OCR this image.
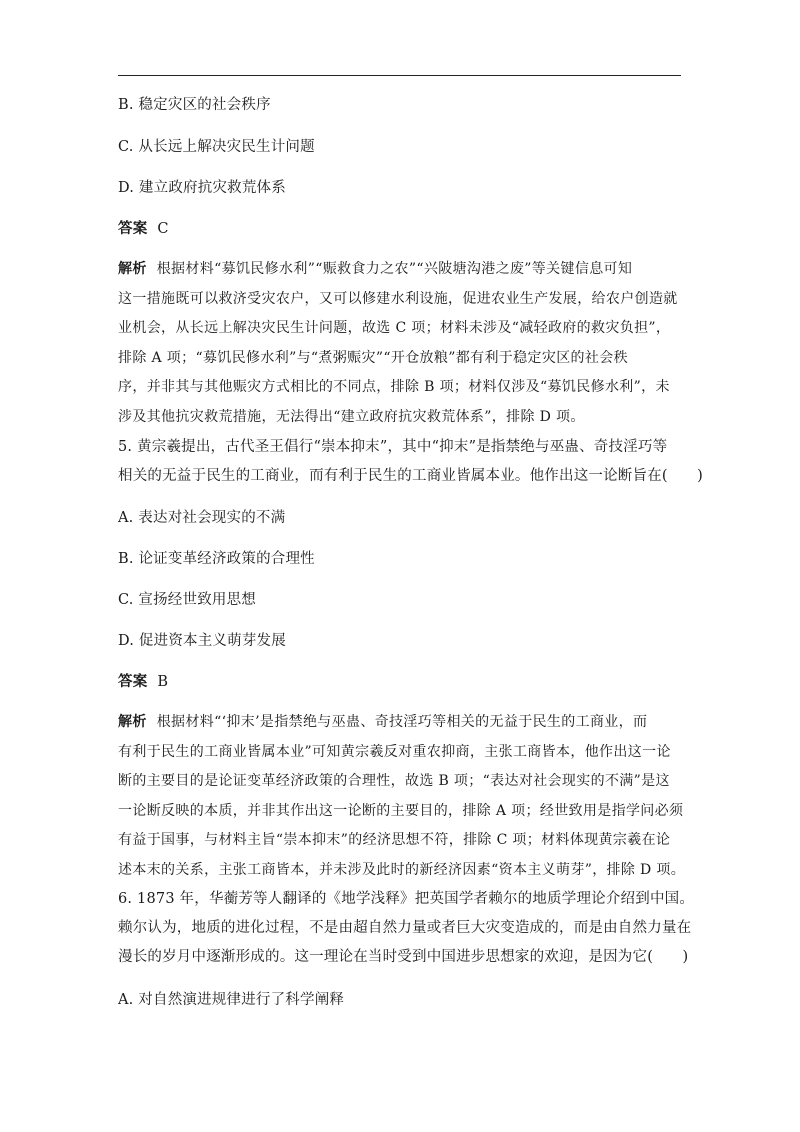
B. 稳定灾区的社会秩序
C. 从长远上解决灾民生计问题
D. 建立政府抗灾救荒体系
答案 C
解析 根据材料“募饥民修水利”“赈救食力之农”“兴陂塘沟港之废”等关键信息可知
这一措施既可以救济受灾农户，又可以修建水利设施，促进农业生产发展，给农户创造就
业机会，从长远上解决灾民生计问题，故选 C 项；材料未涉及“减轻政府的救灾负担”，
排除 A 项；“募饥民修水利”与“煮粥赈灾”“开仓放粮”都有利于稳定灾区的社会秩
序，并非其与其他赈灾方式相比的不同点，排除 B 项；材料仅涉及“募饥民修水利”，未
涉及其他抗灾救荒措施，无法得出“建立政府抗灾救荒体系”，排除 D 项。
5. 黄宗羲提出，古代圣王倡行“崇本抑末”，其中“抑末”是指禁绝与巫蛊、奇技淫巧等
相关的无益于民生的工商业，而有利于民生的工商业皆属本业。他作出这一论断旨在(　　)
A. 表达对社会现实的不满
B. 论证变革经济政策的合理性
C. 宣扬经世致用思想
D. 促进资本主义萌芽发展
答案 B
解析 根据材料“‘抑末’是指禁绝与巫蛊、奇技淫巧等相关的无益于民生的工商业，而
有利于民生的工商业皆属本业”可知黄宗羲反对重农抑商，主张工商皆本，他作出这一论
断的主要目的是论证变革经济政策的合理性，故选 B 项；“表达对社会现实的不满”是这
一论断反映的本质，并非其作出这一论断的主要目的，排除 A 项；经世致用是指学问必须
有益于国事，与材料主旨“崇本抑末”的经济思想不符，排除 C 项；材料体现黄宗羲在论
述本末的关系，主张工商皆本，并未涉及此时的新经济因素“资本主义萌芽”，排除 D 项。
6. 1873 年，华蘅芳等人翻译的《地学浅释》把英国学者赖尔的地质学理论介绍到中国。
赖尔认为，地质的进化过程，不是由超自然力量或者巨大灾变造成的，而是由自然力量在
漫长的岁月中逐渐形成的。这一理论在当时受到中国进步思想家的欢迎，是因为它(　　)
A. 对自然演进规律进行了科学阐释
